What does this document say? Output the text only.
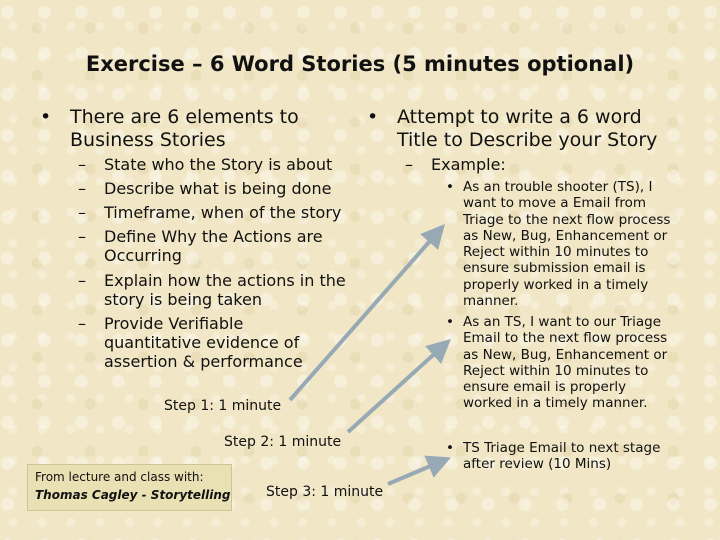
Exercise – 6 Word Stories (5 minutes optional)
• There are 6 elements to
Business Stories
– State who the Story is about
– Describe what is being done
– Timeframe, when of the story
– Define Why the Actions are
Occurring
– Explain how the actions in the
story is being taken
– Provide Verifiable
quantitative evidence of
assertion & performance
• Attempt to write a 6 word
Title to Describe your Story
– Example:
• As an trouble shooter (TS), I
want to move a Email from
Triage to the next flow process
as New, Bug, Enhancement or
Reject within 10 minutes to
ensure submission email is
properly worked in a timely
manner.
• As an TS, I want to our Triage
Email to the next flow process
as New, Bug, Enhancement or
Reject within 10 minutes to
ensure email is properly
worked in a timely manner.
• TS Triage Email to next stage
after review (10 Mins)
Step 1: 1 minute
Step 2: 1 minute
Step 3: 1 minute
From lecture and class with:
Thomas Cagley - Storytelling
